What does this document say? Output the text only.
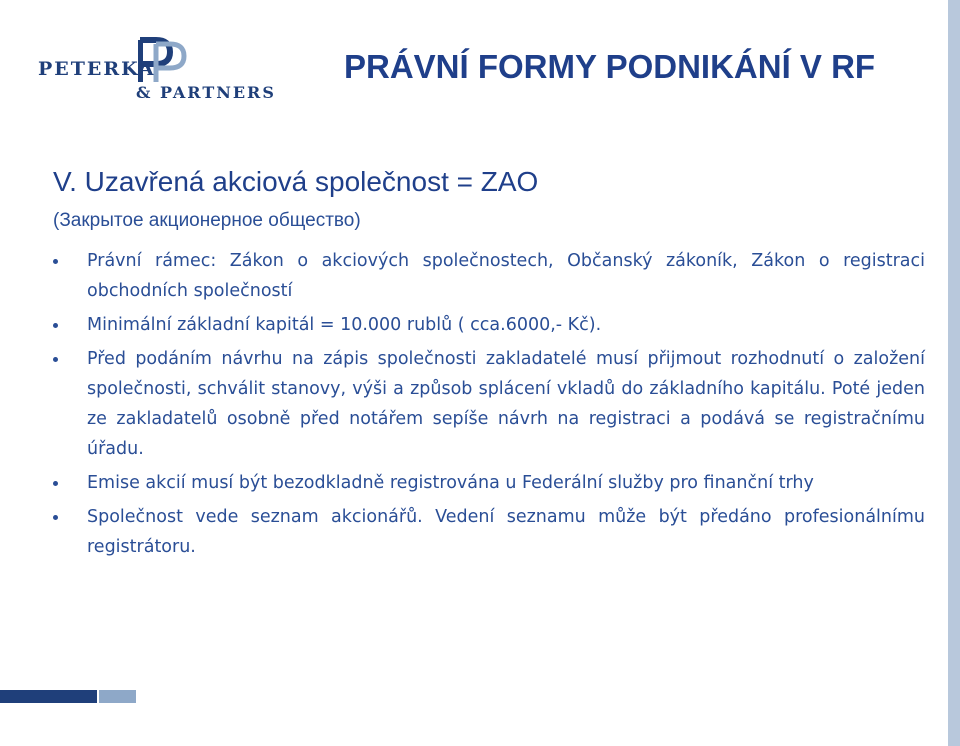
PETERKA
& PARTNERS
PRÁVNÍ FORMY PODNIKÁNÍ V RF
V. Uzavřená akciová společnost = ZAO
(Закрытое акционерное общество)
Právní rámec: Zákon o akciových společnostech, Občanský zákoník, Zákon o registraci obchodních společností
Minimální základní kapitál = 10.000 rublů ( cca.6000,- Kč).
Před podáním návrhu na zápis společnosti zakladatelé musí přijmout rozhodnutí o založení společnosti, schválit stanovy, výši a způsob splácení vkladů do základního kapitálu. Poté jeden ze zakladatelů osobně před notářem sepíše návrh na registraci a podává se registračnímu úřadu.
Emise akcií musí být bezodkladně registrována u Federální služby pro finanční trhy
Společnost vede seznam akcionářů. Vedení seznamu může být předáno profesionálnímu registrátoru.
